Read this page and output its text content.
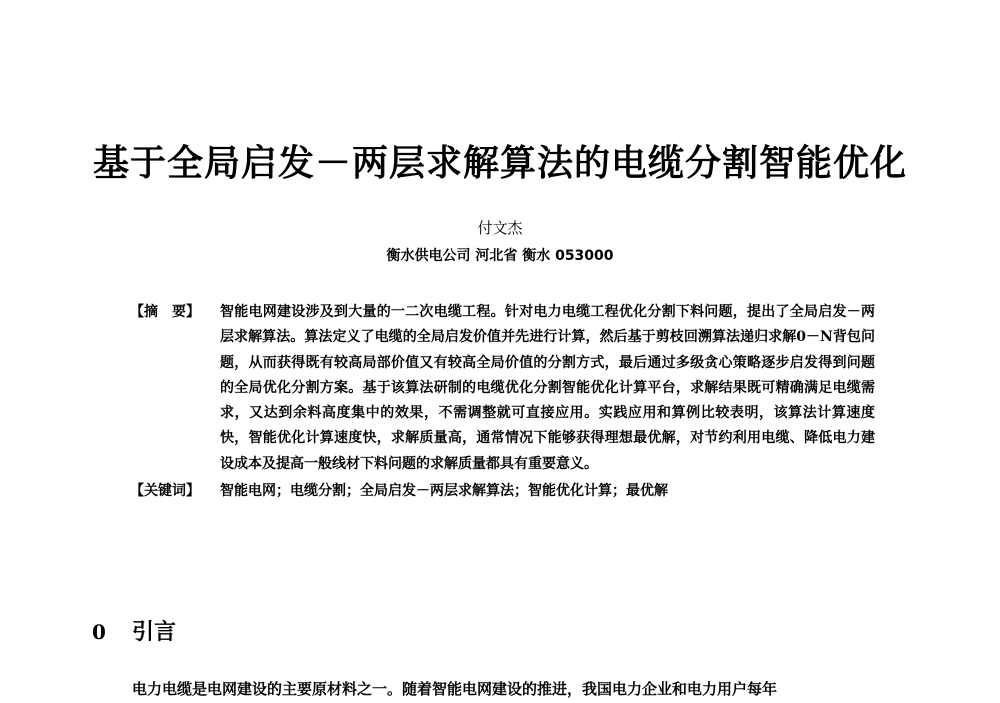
基于全局启发－两层求解算法的电缆分割智能优化
付文杰
衡水供电公司 河北省 衡水 053000
【摘　要】	智能电网建设涉及到大量的一二次电缆工程。针对电力电缆工程优化分割下料问题，提出了全局启发－两层求解算法。算法定义了电缆的全局启发价值并先进行计算，然后基于剪枝回溯算法递归求解0－N背包问题，从而获得既有较高局部价值又有较高全局价值的分割方式，最后通过多级贪心策略逐步启发得到问题的全局优化分割方案。基于该算法研制的电缆优化分割智能优化计算平台，求解结果既可精确满足电缆需求，又达到余料高度集中的效果，不需调整就可直接应用。实践应用和算例比较表明，该算法计算速度快，智能优化计算速度快，求解质量高，通常情况下能够获得理想最优解，对节约利用电缆、降低电力建设成本及提高一般线材下料问题的求解质量都具有重要意义。
【关键词】	智能电网；电缆分割；全局启发－两层求解算法；智能优化计算；最优解
0	引言
电力电缆是电网建设的主要原材料之一。随着智能电网建设的推进，我国电力企业和电力用户每年
